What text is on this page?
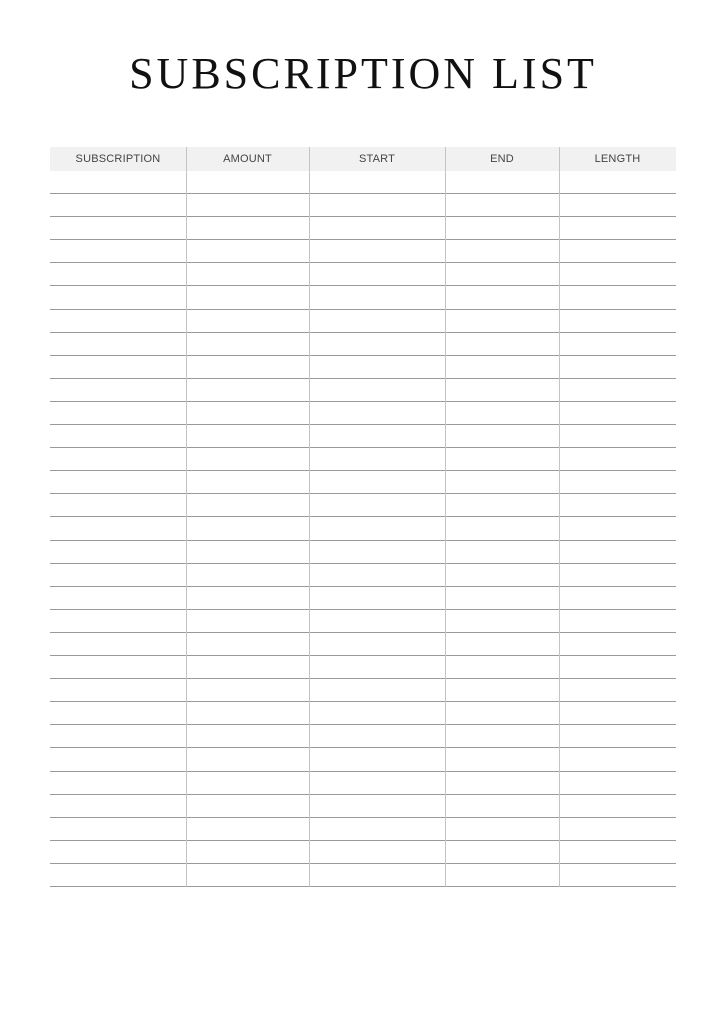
SUBSCRIPTION LIST
SUBSCRIPTION	AMOUNT	START	END	LENGTH
